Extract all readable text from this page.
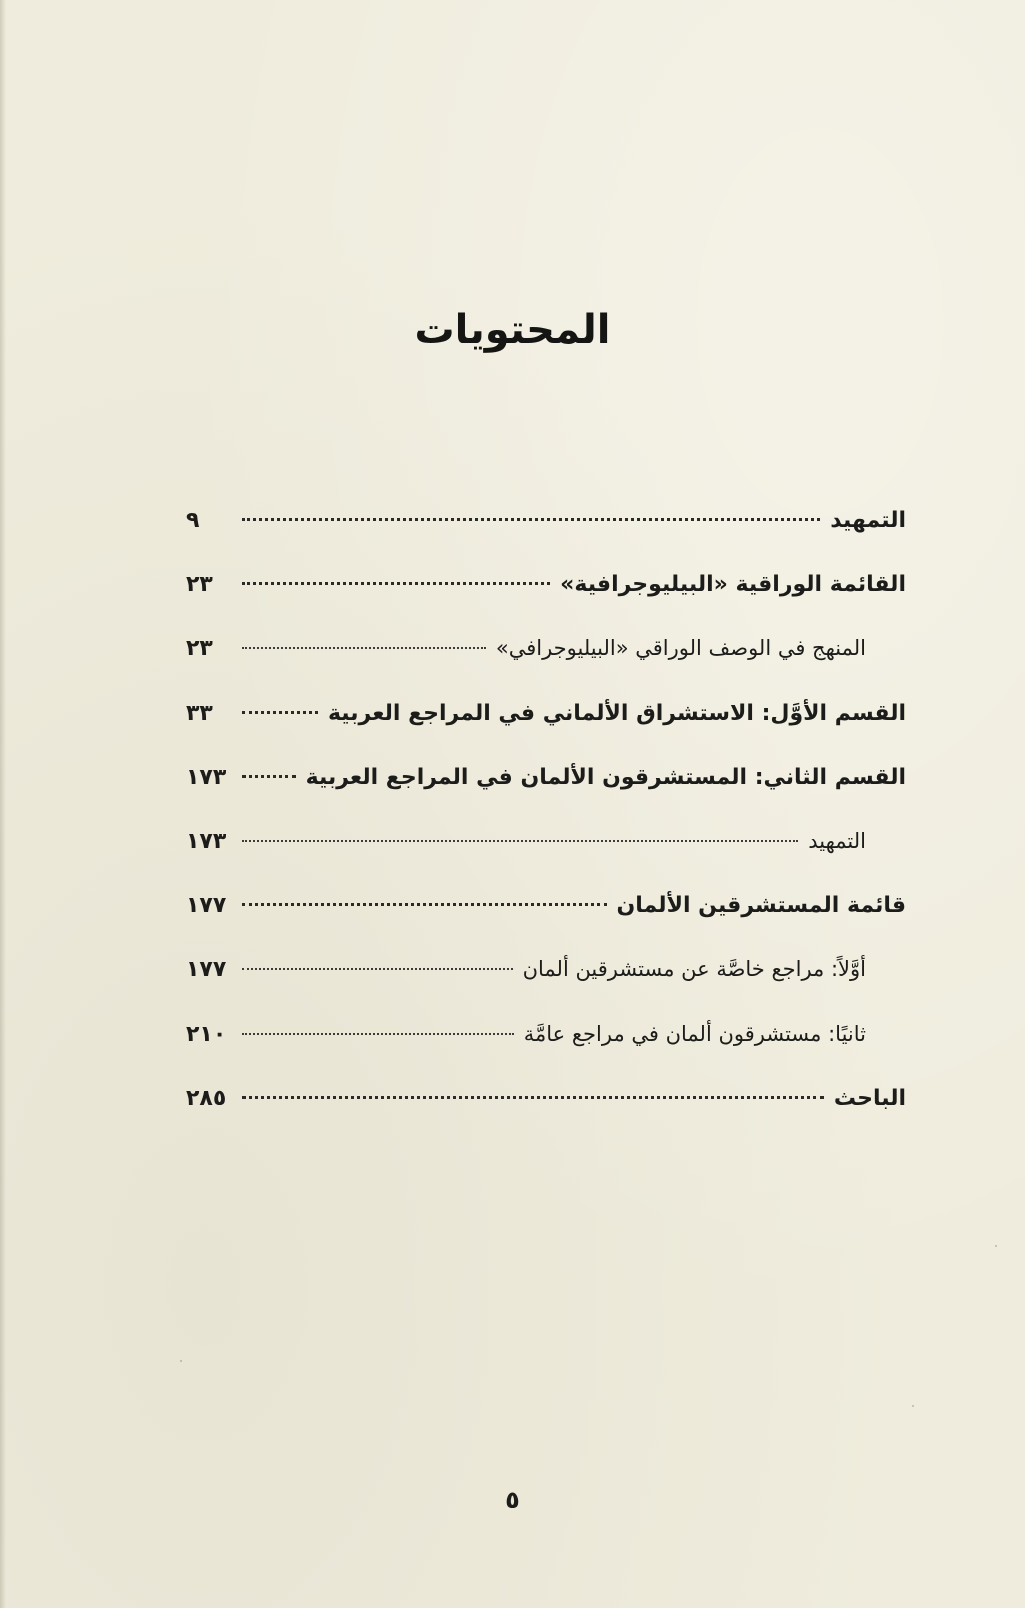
المحتويات
التمهيد
٩
القائمة الوراقية «البيليوجرافية»
٢٣
المنهج في الوصف الوراقي «البيليوجرافي»
٢٣
القسم الأوَّل: الاستشراق الألماني في المراجع العربية
٣٣
القسم الثاني: المستشرقون الألمان في المراجع العربية
١٧٣
التمهيد
١٧٣
قائمة المستشرقين الألمان
١٧٧
أوَّلاً: مراجع خاصَّة عن مستشرقين ألمان
١٧٧
ثانيًا: مستشرقون ألمان في مراجع عامَّة
٢١٠
الباحث
٢٨٥
٥
